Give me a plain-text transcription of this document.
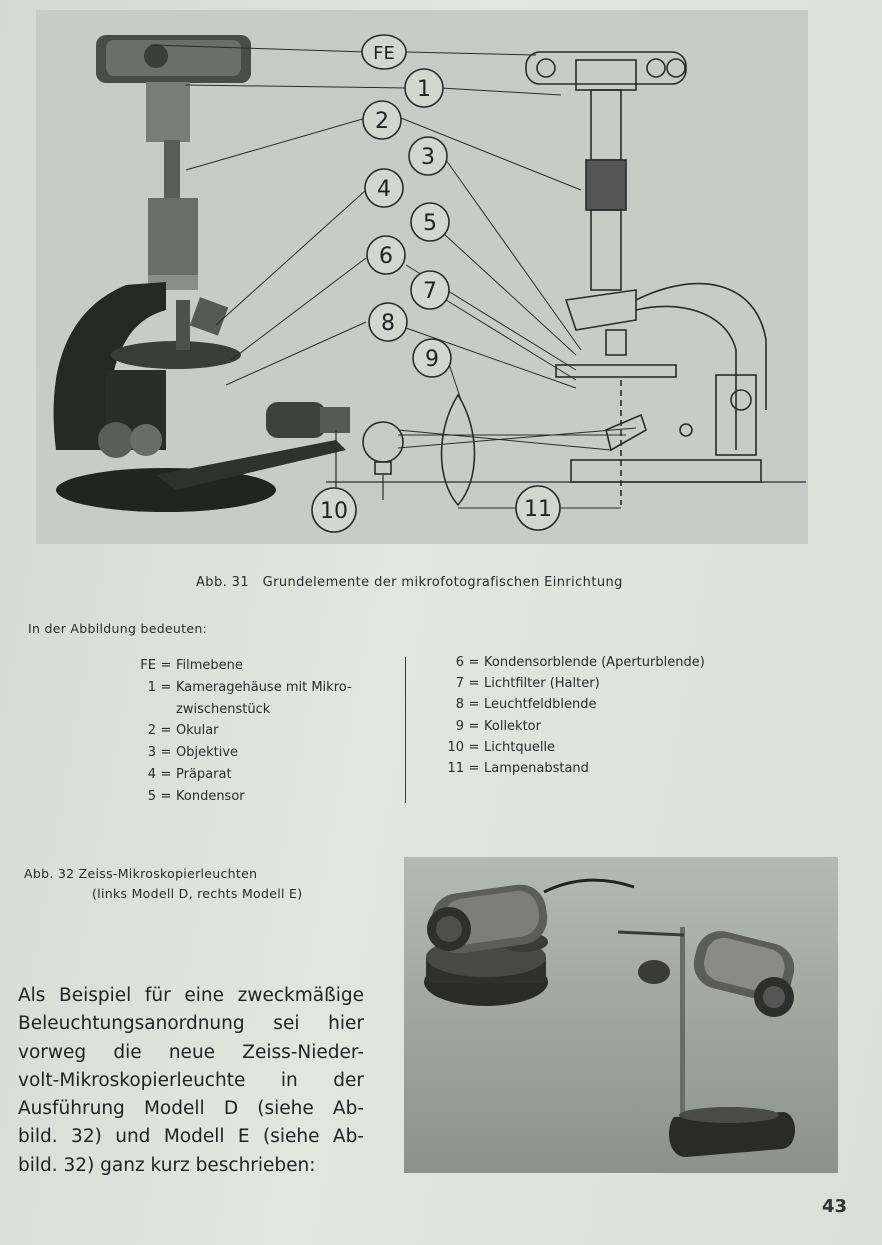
FE
1
2
3
4
5
6
7
8
9
10	11
Abb. 31 Grundelemente der mikrofotografischen Einrichtung
In der Abbildung bedeuten:
FE = Filmebene
1 = Kameragehäuse mit Mikro-
zwischenstück
2 = Okular
3 = Objektive
4 = Präparat
5 = Kondensor
6 = Kondensorblende (Aperturblende)
7 = Lichtfilter (Halter)
8 = Leuchtfeldblende
9 = Kollektor
10 = Lichtquelle
11 = Lampenabstand
Abb. 32 Zeiss-Mikroskopierleuchten
(links Modell D, rechts Modell E)
Als Beispiel für eine zweckmäßige
Beleuchtungsanordnung sei hier
vorweg die neue Zeiss-Nieder-
volt-Mikroskopierleuchte in der
Ausführung Modell D (siehe Ab-
bild. 32) und Modell E (siehe Ab-
bild. 32) ganz kurz beschrieben:
43
